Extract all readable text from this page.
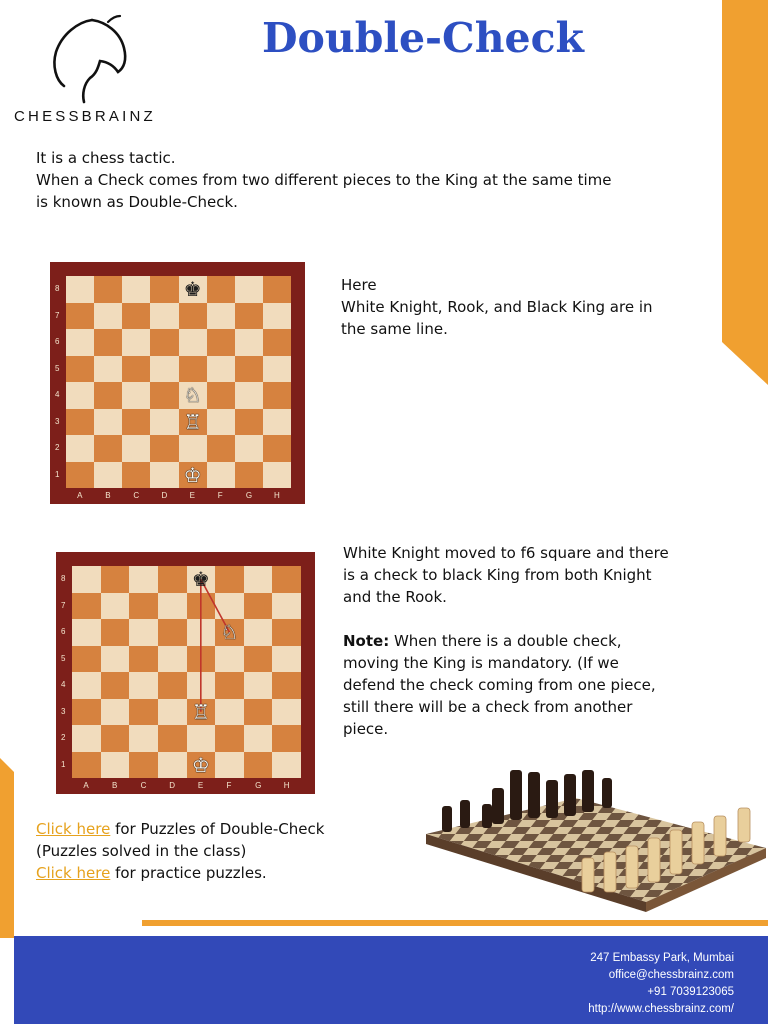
CHESSBRAINZ
Double-Check

It is a chess tactic.

When a Check comes from two different pieces to the King at the same time

is known as Double-Check.

8
7
6
5
4
3
2
1
A	B	C	D	E	F	G	H
♚
♘
♖
♔

Here

White Knight, Rook, and Black King are in

the same line.

8
7
6
5
4
3
2
1
A	B	C	D	E	F	G	H
♚
♘
♖
♔

White Knight moved to f6 square and there

is a check to black King from both Knight

and the Rook.

Note: When there is a double check,

moving the King is mandatory. (If we

defend the check coming from one piece,

still there will be a check from another

piece.

Click here for Puzzles of Double-Check

(Puzzles solved in the class)

Click here for practice puzzles.

247 Embassy Park, Mumbai
office@chessbrainz.com
+91 7039123065
http://www.chessbrainz.com/
